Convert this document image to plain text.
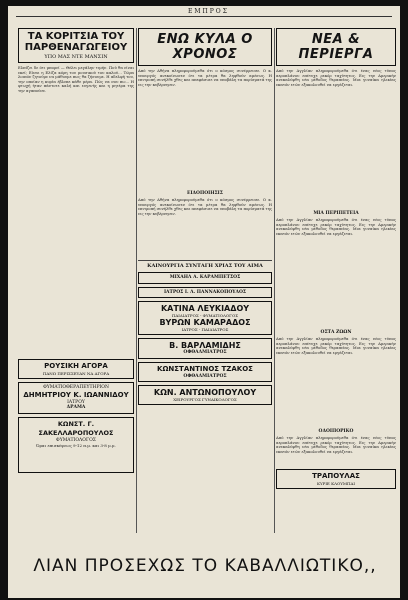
ΕΜΠΡΟΣ
ΤΑ ΚΟΡΙΤΣΙΑ ΤΟΥ ΠΑΡΘΕΝΑΓΩΓΕΙΟΥ
ΥΠΟ ΜΑΣ ΝΤΕ ΜΑΝΣΙΝ
Ελπίζει δε ότι μπορεί — Θέλει μεγάλην τιμήν. Πού θα είναι εκεί; Είναι η Ελίζα κόρη του μουσικού του καλού... Τώρα λοιπόν ζητούμε να μάθουμε πως θα ζήσουμε. Η αδελφή του, την οποίαν η κυρία έβλεπε κάθε μέρα. Πώς να σου πω... Η φτωχή ήταν πάντοτε καλή και ευγενής και η μητέρα της την αγαπούσε.
ΡΟΥΣΙΚΗ ΑΓΟΡΑ
ΠΑΝΩ ΠΕΡΙΣΣΕΥΑΝ ΝΑ ΑΓΟΡΑ
ΦΥΜΑΤΙΟΘΕΡΑΠΕΥΤΗΡΙΟΝ
ΔΗΜΗΤΡΙΟΥ Κ. ΙΩΑΝΝΙΔΟΥ
ΙΑΤΡΟΥ
ΔΡΑΜΑ
ΚΩΝΣΤ. Γ. ΣΑΚΕΛΛΑΡΟΠΟΥΛΟΣ
ΦΥΜΑΤΙΟΛΟΓΟΣ
Ώραι επισκέψεως 9-12 π.μ. και 3-8 μ.μ.
ΕΝΩ ΚΥΛΑ Ο ΧΡΟΝΟΣ
Από την Αθήνα πληροφορούμεθα ότι ο κόσμος συνέρρευσε. Ο κ. υπουργός ανεκοίνωσεν ότι τα μέτρα θα ληφθούν αμέσως. Η επιτροπή συνήλθε χθες και απεφάσισε να υποβάλη τα πορίσματά της εις την κυβέρνησιν.
ΕΙΔΟΠΟΙΗΣΙΣ
Από την Αθήνα πληροφορούμεθα ότι ο κόσμος συνέρρευσε. Ο κ. υπουργός ανεκοίνωσεν ότι τα μέτρα θα ληφθούν αμέσως. Η επιτροπή συνήλθε χθες και απεφάσισε να υποβάλη τα πορίσματά της εις την κυβέρνησιν.
ΚΑΙΝΟΥΡΓΙΑ ΣΥΝΤΑΓΗ ΧΡΙΑΣ ΤΟΥ ΑΙΜΑ
ΜΙΧΑΗΛ Α. ΚΑΡΑΜΠΕΤΣΟΣ
ΙΑΤΡΟΣ Ι. Λ. ΠΑΝΝΑΚΟΠΟΥΛΟΣ
ΚΑΤΙΝΑ ΛΕΥΚΙΑΔΟΥ
ΠΑΙΔΙΑΤΡΟΣ - ΦΥΜΑΤΙΟΛΟΓΟΣ
ΒΥΡΩΝ ΚΑΜΑΡΑΔΟΣ
ΙΑΤΡΟΣ - ΠΑΙΔΙΑΤΡΟΣ
Β. ΒΑΡΛΑΜΙΔΗΣ
ΟΦΘΑΛΜΙΑΤΡΟΣ
ΚΩΝΣΤΑΝΤΙΝΟΣ ΤΖΑΚΟΣ
ΟΦΘΑΛΜΙΑΤΡΟΣ
ΚΩΝ. ΑΝΤΩΝΟΠΟΥΛΟΥ
ΧΕΙΡΟΥΡΓΟΣ ΓΥΝΑΙΚΟΛΟΓΟΣ
ΝΕΑ & ΠΕΡΙΕΡΓΑ
Από την Αγγλίαν πληροφορούμεθα ότι ένας νέος τύπος αεροπλάνου επέτυχε ρεκόρ ταχύτητος. Εις την Αμερικήν ανεκαλύφθη νέα μέθοδος θεραπείας. Μια γυναίκα ηλικίας εκατόν ετών εξακολουθεί να εργάζεται.
ΜΙΑ ΠΕΡΙΠΕΤΕΙΑ
Από την Αγγλίαν πληροφορούμεθα ότι ένας νέος τύπος αεροπλάνου επέτυχε ρεκόρ ταχύτητος. Εις την Αμερικήν ανεκαλύφθη νέα μέθοδος θεραπείας. Μια γυναίκα ηλικίας εκατόν ετών εξακολουθεί να εργάζεται.
ΟΣΤΑ ΖΩΩΝ
Από την Αγγλίαν πληροφορούμεθα ότι ένας νέος τύπος αεροπλάνου επέτυχε ρεκόρ ταχύτητος. Εις την Αμερικήν ανεκαλύφθη νέα μέθοδος θεραπείας. Μια γυναίκα ηλικίας εκατόν ετών εξακολουθεί να εργάζεται.
ΟΔΟΙΠΟΡΙΚΟ
Από την Αγγλίαν πληροφορούμεθα ότι ένας νέος τύπος αεροπλάνου επέτυχε ρεκόρ ταχύτητος. Εις την Αμερικήν ανεκαλύφθη νέα μέθοδος θεραπείας. Μια γυναίκα ηλικίας εκατόν ετών εξακολουθεί να εργάζεται.
ΤΡΑΠΟΥΛΑΣ
ΚΥΡΙΕ ΚΛΟΥΜΠΑΙ
ΛΙΑΝ ΠΡΟΣΕΧΩΣ ΤΟ ΚΑΒΑΛΛΙΩΤΙΚΟ,,
